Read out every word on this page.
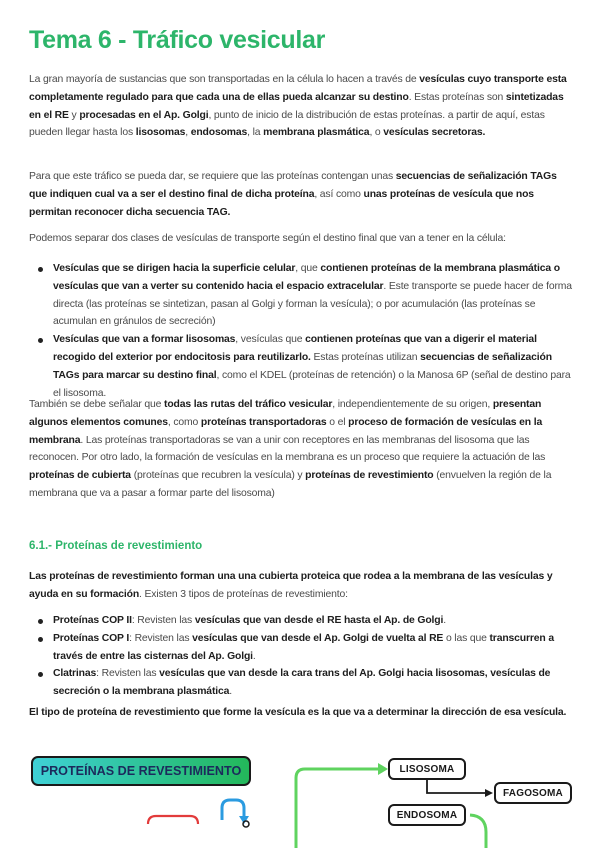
Tema 6 - Tráfico vesicular

La gran mayoría de sustancias que son transportadas en la célula lo hacen a través de vesículas cuyo transporte esta completamente regulado para que cada una de ellas pueda alcanzar su destino. Estas proteínas son sintetizadas en el RE y procesadas en el Ap. Golgi, punto de inicio de la distribución de estas proteínas. a partir de aquí, estas pueden llegar hasta los lisosomas, endosomas, la membrana plasmática, o vesículas secretoras.

Para que este tráfico se pueda dar, se requiere que las proteínas contengan unas secuencias de señalización TAGs que indiquen cual va a ser el destino final de dicha proteína, así como unas proteínas de vesícula que nos permitan reconocer dicha secuencia TAG.

Podemos separar dos clases de vesículas de transporte según el destino final que van a tener en la célula:

Vesículas que se dirigen hacia la superficie celular, que contienen proteínas de la membrana plasmática o vesículas que van a verter su contenido hacia el espacio extracelular. Este transporte se puede hacer de forma directa (las proteínas se sintetizan, pasan al Golgi y forman la vesícula); o por acumulación (las proteínas se acumulan en gránulos de secreción)
Vesículas que van a formar lisosomas, vesículas que contienen proteínas que van a digerir el material recogido del exterior por endocitosis para reutilizarlo. Estas proteínas utilizan secuencias de señalización TAGs para marcar su destino final, como el KDEL (proteínas de retención) o la Manosa 6P (señal de destino para el lisosoma.

También se debe señalar que todas las rutas del tráfico vesicular, independientemente de su origen, presentan algunos elementos comunes, como proteínas transportadoras o el proceso de formación de vesículas en la membrana. Las proteínas transportadoras se van a unir con receptores en las membranas del lisosoma que las reconocen. Por otro lado, la formación de vesículas en la membrana es un proceso que requiere la actuación de las proteínas de cubierta (proteínas que recubren la vesícula) y proteínas de revestimiento (envuelven la región de la membrana que va a pasar a formar parte del lisosoma)

6.1.- Proteínas de revestimiento

Las proteínas de revestimiento forman una una cubierta proteica que rodea a la membrana de las vesículas y ayuda en su formación. Existen 3 tipos de proteínas de revestimiento:

Proteínas COP II: Revisten las vesículas que van desde el RE hasta el Ap. de Golgi.
Proteínas COP I: Revisten las vesículas que van desde el Ap. Golgi de vuelta al RE o las que transcurren a través de entre las cisternas del Ap. Golgi.
Clatrinas: Revisten las vesículas que van desde la cara trans del Ap. Golgi hacia lisosomas, vesículas de secreción o la membrana plasmática.

El tipo de proteína de revestimiento que forme la vesícula es la que va a determinar la dirección de esa vesícula.

PROTEÍNAS DE REVESTIMIENTO	LISOSOMA
FAGOSOMA
ENDOSOMA
